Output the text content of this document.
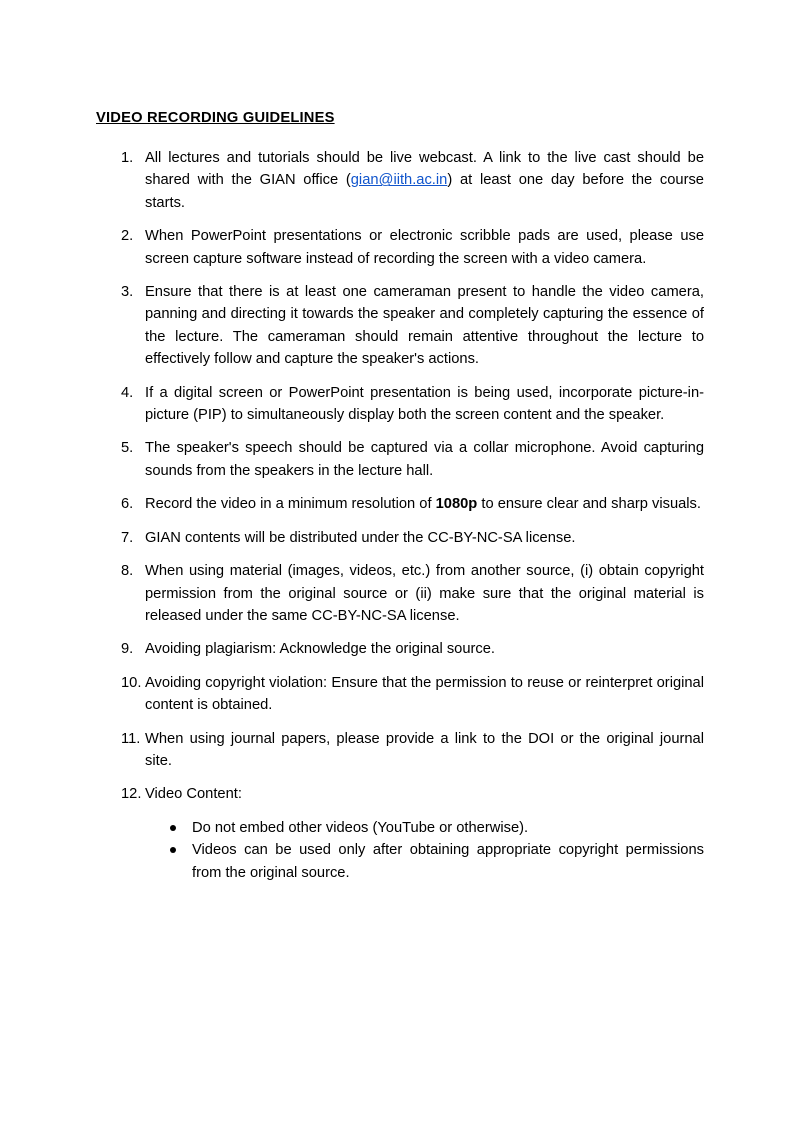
VIDEO RECORDING GUIDELINES
1. All lectures and tutorials should be live webcast. A link to the live cast should be shared with the GIAN office (gian@iith.ac.in) at least one day before the course starts.
2. When PowerPoint presentations or electronic scribble pads are used, please use screen capture software instead of recording the screen with a video camera.
3. Ensure that there is at least one cameraman present to handle the video camera, panning and directing it towards the speaker and completely capturing the essence of the lecture. The cameraman should remain attentive throughout the lecture to effectively follow and capture the speaker's actions.
4. If a digital screen or PowerPoint presentation is being used, incorporate picture-in-picture (PIP) to simultaneously display both the screen content and the speaker.
5. The speaker's speech should be captured via a collar microphone. Avoid capturing sounds from the speakers in the lecture hall.
6. Record the video in a minimum resolution of 1080p to ensure clear and sharp visuals.
7. GIAN contents will be distributed under the CC-BY-NC-SA license.
8. When using material (images, videos, etc.) from another source, (i) obtain copyright permission from the original source or (ii) make sure that the original material is released under the same CC-BY-NC-SA license.
9. Avoiding plagiarism: Acknowledge the original source.
10. Avoiding copyright violation: Ensure that the permission to reuse or reinterpret original content is obtained.
11. When using journal papers, please provide a link to the DOI or the original journal site.
12. Video Content:
Do not embed other videos (YouTube or otherwise).
Videos can be used only after obtaining appropriate copyright permissions from the original source.
